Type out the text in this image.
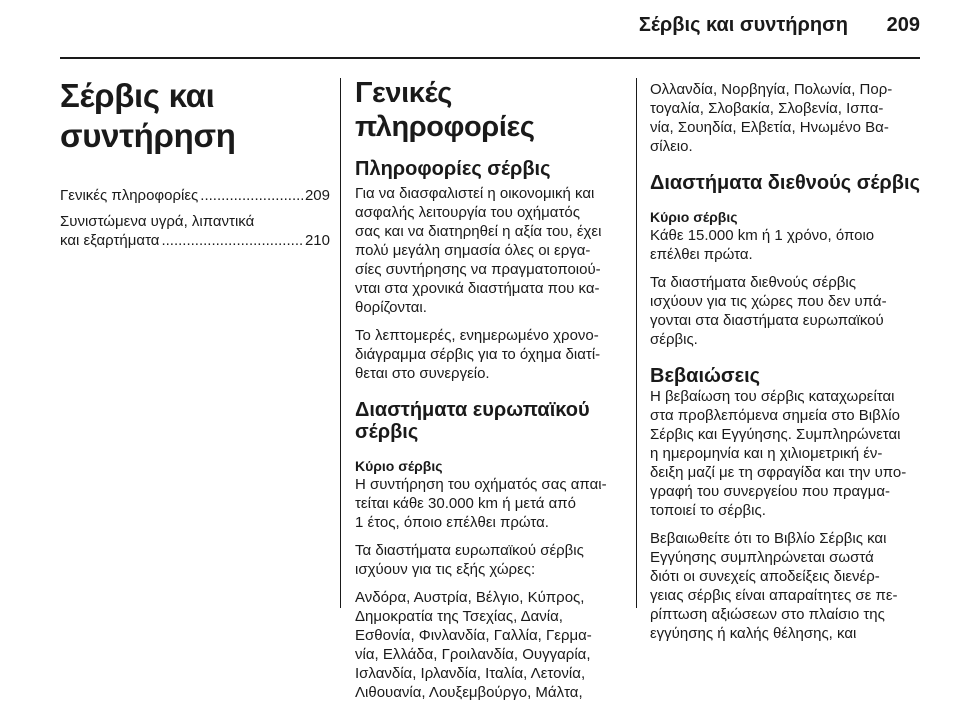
Σέρβις και συντήρηση 209
Σέρβις και συντήρηση
Γενικές πληροφορίες .....	209
Συνιστώμενα υγρά, λιπαντικά
και εξαρτήματα .....	210
Γενικές πληροφορίες
Πληροφορίες σέρβις

Για να διασφαλιστεί η οικονομική και
ασφαλής λειτουργία του οχήματός
σας και να διατηρηθεί η αξία του, έχει
πολύ μεγάλη σημασία όλες οι εργα-
σίες συντήρησης να πραγματοποιού-
νται στα χρονικά διαστήματα που κα-
θορίζονται.

Το λεπτομερές, ενημερωμένο χρονο-
διάγραμμα σέρβις για το όχημα διατί-
θεται στο συνεργείο.

Διαστήματα ευρωπαϊκού σέρβις
Κύριο σέρβις

Η συντήρηση του οχήματός σας απαι-
τείται κάθε 30.000 km ή μετά από
1 έτος, όποιο επέλθει πρώτα.

Τα διαστήματα ευρωπαϊκού σέρβις
ισχύουν για τις εξής χώρες:

Ανδόρα, Αυστρία, Βέλγιο, Κύπρος,
Δημοκρατία της Τσεχίας, Δανία,
Εσθονία, Φινλανδία, Γαλλία, Γερμα-
νία, Ελλάδα, Γροιλανδία, Ουγγαρία,
Ισλανδία, Ιρλανδία, Ιταλία, Λετονία,
Λιθουανία, Λουξεμβούργο, Μάλτα,

Ολλανδία, Νορβηγία, Πολωνία, Πορ-
τογαλία, Σλοβακία, Σλοβενία, Ισπα-
νία, Σουηδία, Ελβετία, Ηνωμένο Βα-
σίλειο.

Διαστήματα διεθνούς σέρβις
Κύριο σέρβις

Κάθε 15.000 km ή 1 χρόνο, όποιο
επέλθει πρώτα.

Τα διαστήματα διεθνούς σέρβις
ισχύουν για τις χώρες που δεν υπά-
γονται στα διαστήματα ευρωπαϊκού
σέρβις.

Βεβαιώσεις

Η βεβαίωση του σέρβις καταχωρείται
στα προβλεπόμενα σημεία στο Βιβλίο
Σέρβις και Εγγύησης. Συμπληρώνεται
η ημερομηνία και η χιλιομετρική έν-
δειξη μαζί με τη σφραγίδα και την υπο-
γραφή του συνεργείου που πραγμα-
τοποιεί το σέρβις.

Βεβαιωθείτε ότι το Βιβλίο Σέρβις και
Εγγύησης συμπληρώνεται σωστά
διότι οι συνεχείς αποδείξεις διενέρ-
γειας σέρβις είναι απαραίτητες σε πε-
ρίπτωση αξιώσεων στο πλαίσιο της
εγγύησης ή καλής θέλησης, και
